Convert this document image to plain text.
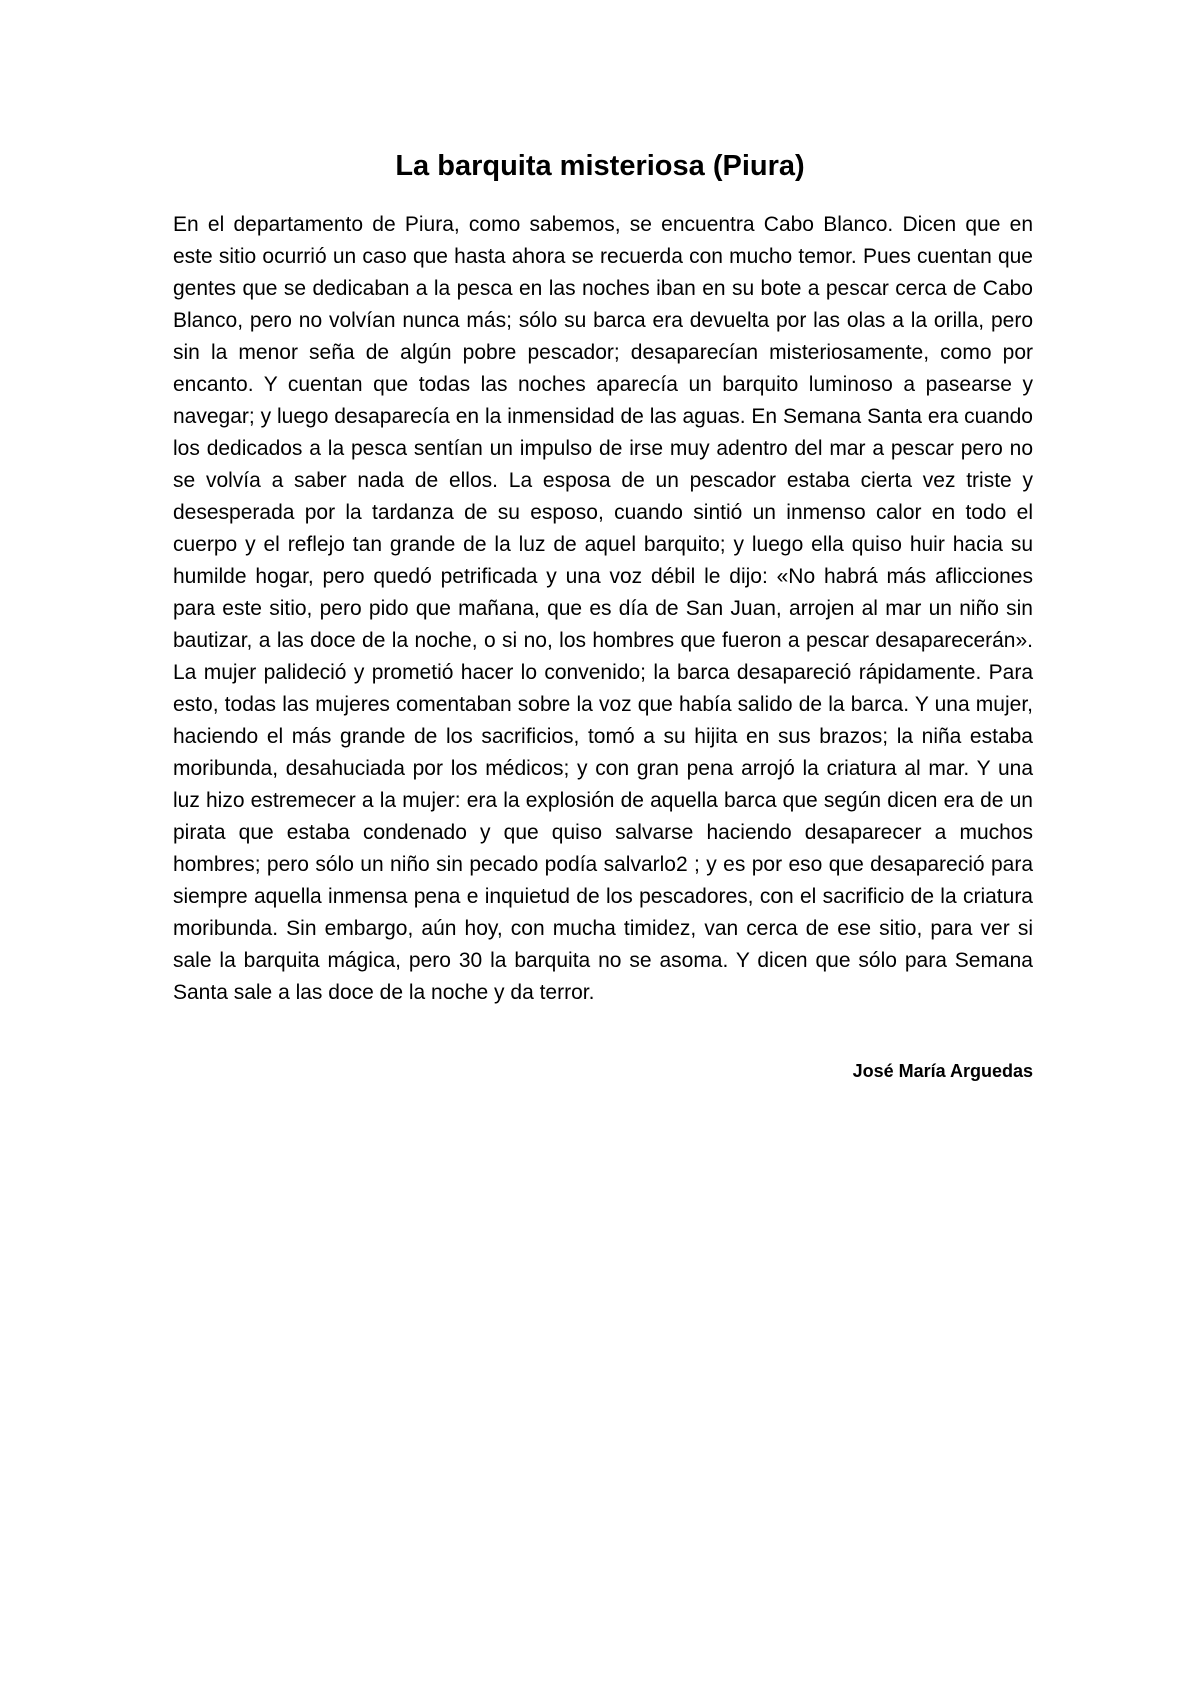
La barquita misteriosa (Piura)

En el departamento de Piura, como sabemos, se encuentra Cabo Blanco. Dicen que en este sitio ocurrió un caso que hasta ahora se recuerda con mucho temor. Pues cuentan que gentes que se dedicaban a la pesca en las noches iban en su bote a pescar cerca de Cabo Blanco, pero no volvían nunca más; sólo su barca era devuelta por las olas a la orilla, pero sin la menor seña de algún pobre pescador; desaparecían misteriosamente, como por encanto. Y cuentan que todas las noches aparecía un barquito luminoso a pasearse y navegar; y luego desaparecía en la inmensidad de las aguas. En Semana Santa era cuando los dedicados a la pesca sentían un impulso de irse muy adentro del mar a pescar pero no se volvía a saber nada de ellos. La esposa de un pescador estaba cierta vez triste y desesperada por la tardanza de su esposo, cuando sintió un inmenso calor en todo el cuerpo y el reflejo tan grande de la luz de aquel barquito; y luego ella quiso huir hacia su humilde hogar, pero quedó petrificada y una voz débil le dijo: «No habrá más aflicciones para este sitio, pero pido que mañana, que es día de San Juan, arrojen al mar un niño sin bautizar, a las doce de la noche, o si no, los hombres que fueron a pescar desaparecerán». La mujer palideció y prometió hacer lo convenido; la barca desapareció rápidamente. Para esto, todas las mujeres comentaban sobre la voz que había salido de la barca. Y una mujer, haciendo el más grande de los sacrificios, tomó a su hijita en sus brazos; la niña estaba moribunda, desahuciada por los médicos; y con gran pena arrojó la criatura al mar. Y una luz hizo estremecer a la mujer: era la explosión de aquella barca que según dicen era de un pirata que estaba condenado y que quiso salvarse haciendo desaparecer a muchos hombres; pero sólo un niño sin pecado podía salvarlo2 ; y es por eso que desapareció para siempre aquella inmensa pena e inquietud de los pescadores, con el sacrificio de la criatura moribunda. Sin embargo, aún hoy, con mucha timidez, van cerca de ese sitio, para ver si sale la barquita mágica, pero 30 la barquita no se asoma. Y dicen que sólo para Semana Santa sale a las doce de la noche y da terror.

José María Arguedas
